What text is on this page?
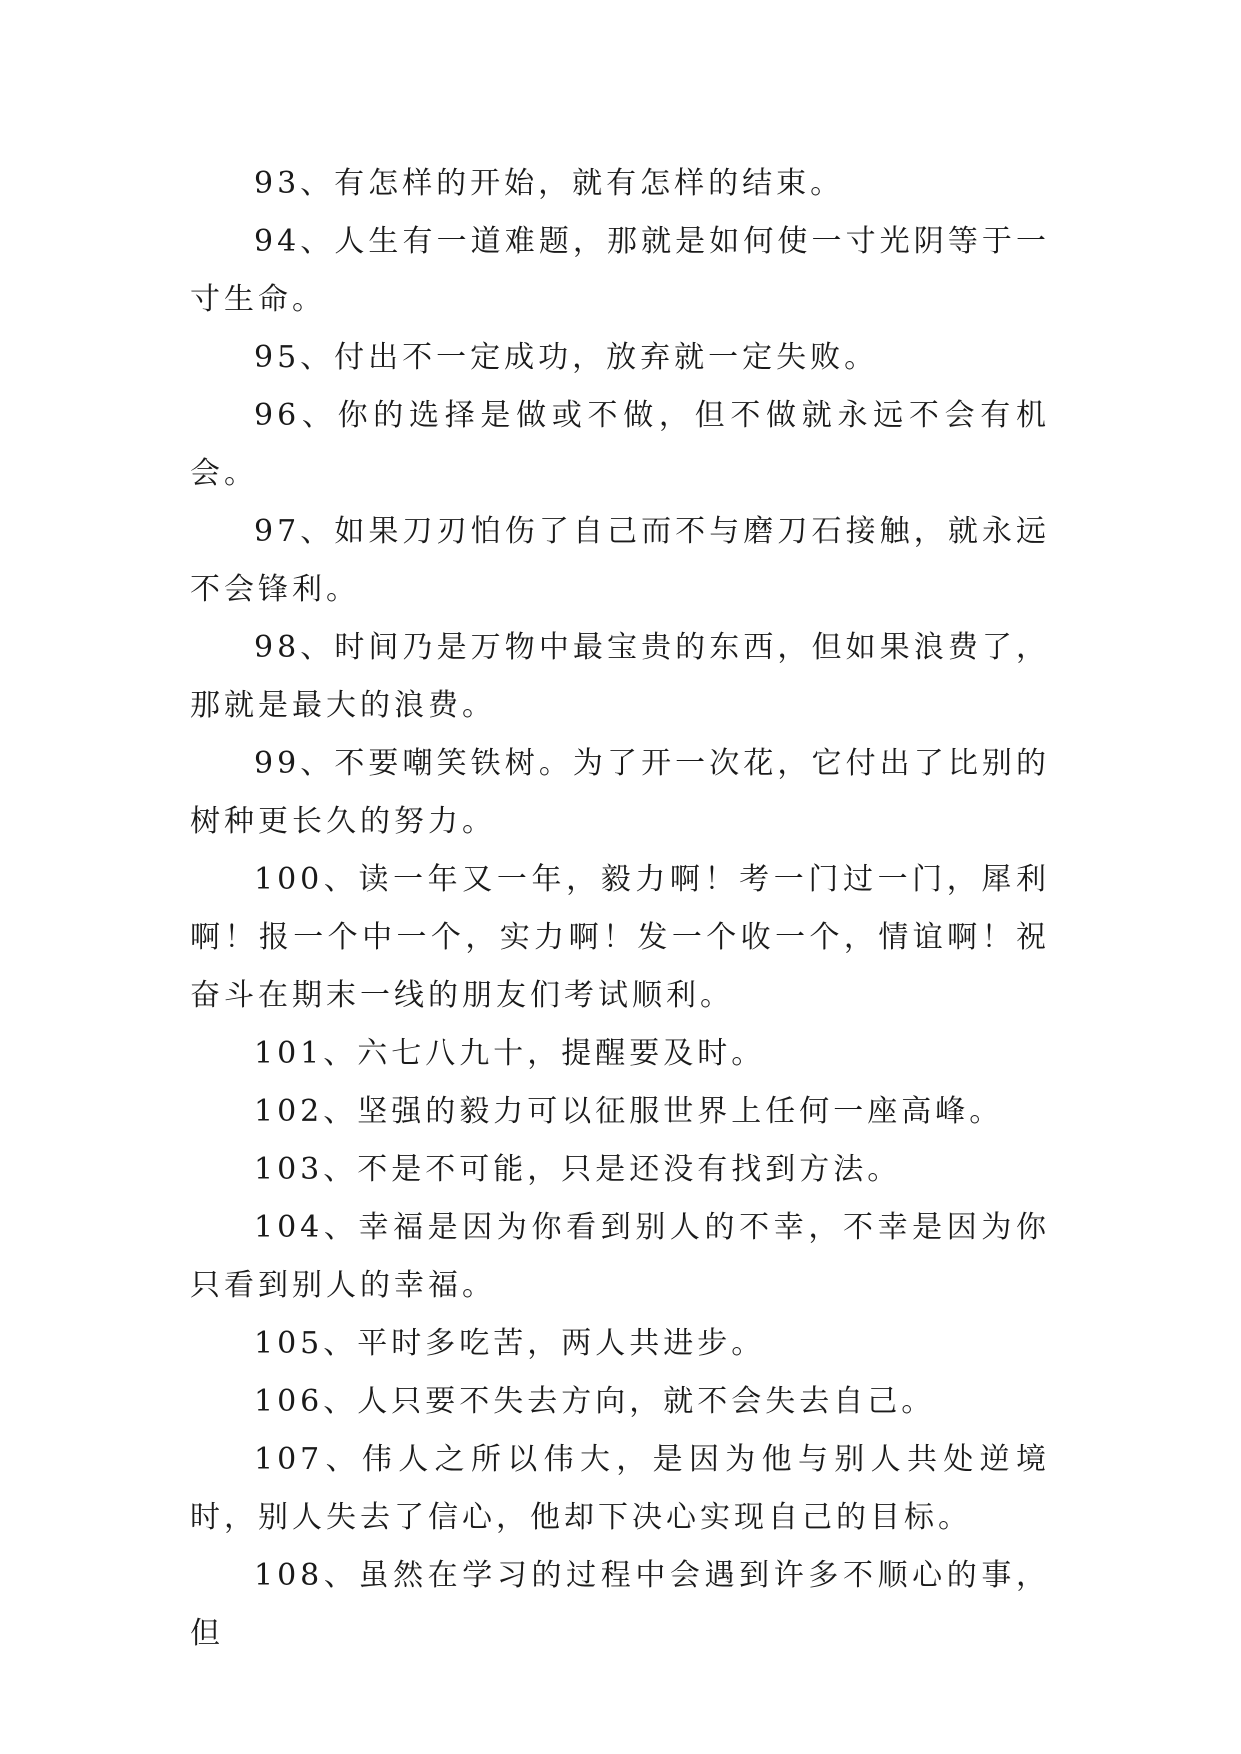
93、有怎样的开始，就有怎样的结束。

94、人生有一道难题，那就是如何使一寸光阴等于一寸生命。

95、付出不一定成功，放弃就一定失败。

96、你的选择是做或不做，但不做就永远不会有机会。

97、如果刀刃怕伤了自己而不与磨刀石接触，就永远不会锋利。

98、时间乃是万物中最宝贵的东西，但如果浪费了，那就是最大的浪费。

99、不要嘲笑铁树。为了开一次花，它付出了比别的树种更长久的努力。

100、读一年又一年，毅力啊！考一门过一门，犀利啊！报一个中一个，实力啊！发一个收一个，情谊啊！祝奋斗在期末一线的朋友们考试顺利。

101、六七八九十，提醒要及时。

102、坚强的毅力可以征服世界上任何一座高峰。

103、不是不可能，只是还没有找到方法。

104、幸福是因为你看到别人的不幸，不幸是因为你只看到别人的幸福。

105、平时多吃苦，两人共进步。

106、人只要不失去方向，就不会失去自己。

107、伟人之所以伟大，是因为他与别人共处逆境时，别人失去了信心，他却下决心实现自己的目标。

108、虽然在学习的过程中会遇到许多不顺心的事，但
